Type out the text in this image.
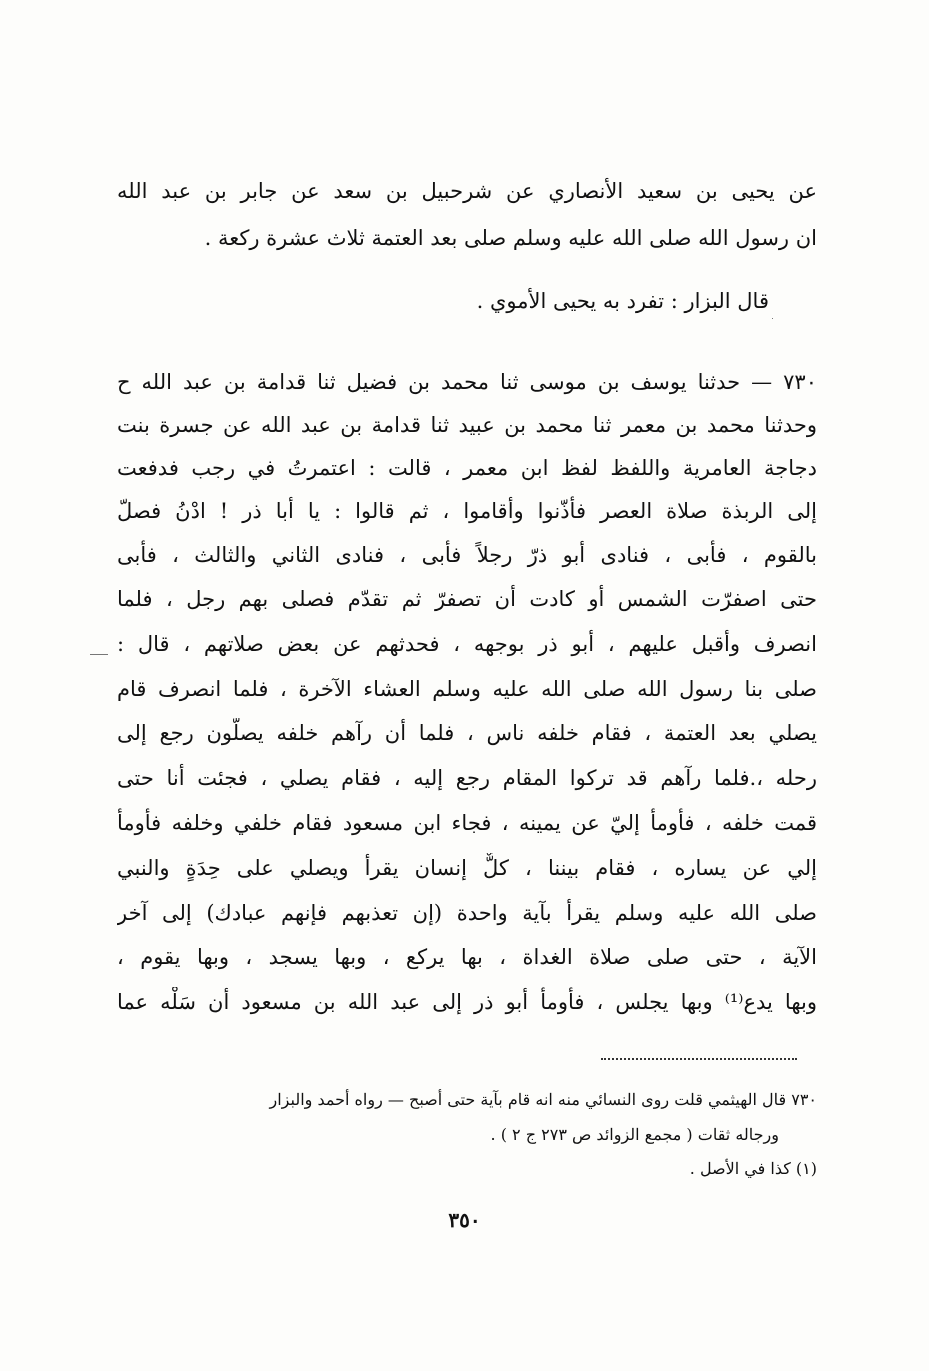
عن يحيى بن سعيد الأنصاري عن شرحبيل بن سعد عن جابر بن عبد الله
ان رسول الله صلى الله عليه وسلم صلى بعد العتمة ثلاث عشرة ركعة .
قال البزار : تفرد به يحيى الأموي .
٧٣٠ — حدثنا يوسف بن موسى ثنا محمد بن فضيل ثنا قدامة بن عبد الله ح
وحدثنا محمد بن معمر ثنا محمد بن عبيد ثنا قدامة بن عبد الله عن جسرة بنت
دجاجة العامرية واللفظ لفظ ابن معمر ، قالت : اعتمرتُ في رجب فدفعت
إلى الربذة صلاة العصر فأذّنوا وأقاموا ، ثم قالوا : يا أبا ذر ! ادْنُ فصلّ
بالقوم ، فأبى ، فنادى أبو ذرّ رجلاً فأبى ، فنادى الثاني والثالث ، فأبى
حتى اصفرّت الشمس أو كادت أن تصفرّ ثم تقدّم فصلى بهم رجل ، فلما
انصرف وأقبل عليهم ، أبو ذر بوجهه ، فحدثهم عن بعض صلاتهم ، قال :
صلى بنا رسول الله صلى الله عليه وسلم العشاء الآخرة ، فلما انصرف قام
يصلي بعد العتمة ، فقام خلفه ناس ، فلما أن رآهم خلفه يصلّون رجع إلى
رحله ،.فلما رآهم قد تركوا المقام رجع إليه ، فقام يصلي ، فجئت أنا حتى
قمت خلفه ، فأومأ إليّ عن يمينه ، فجاء ابن مسعود فقام خلفي وخلفه فأومأ
إلي عن يساره ، فقام بيننا ، كلٌّ إنسان يقرأ ويصلي على حِدَةٍ والنبي
صلى الله عليه وسلم يقرأ بآية واحدة (إن تعذبهم فإنهم عبادك) إلى آخر
الآية ، حتى صلى صلاة الغداة ، بها يركع ، وبها يسجد ، وبها يقوم ،
وبها يدع⁽¹⁾ وبها يجلس ، فأومأ أبو ذر إلى عبد الله بن مسعود أن سَلْه عما
٧٣٠ قال الهيثمي قلت روى النسائي منه انه قام بآية حتى أصبح — رواه أحمد والبزار
ورجاله ثقات ( مجمع الزوائد ص ٢٧٣ ج ٢ ) .
(١) كذا في الأصل .
٣٥٠
